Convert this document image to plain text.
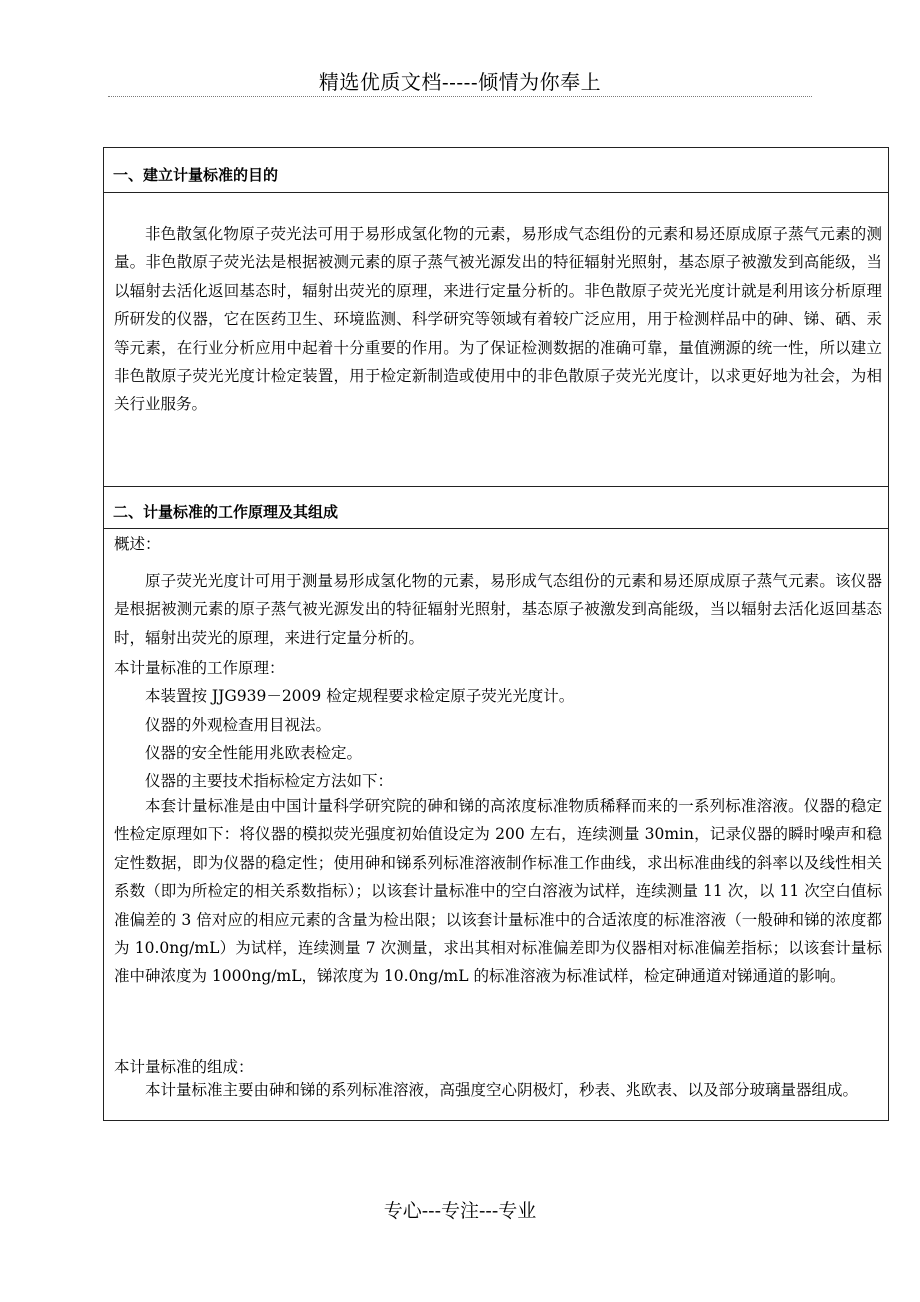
精选优质文档-----倾情为你奉上
一、建立计量标准的目的

非色散氢化物原子荧光法可用于易形成氢化物的元素，易形成气态组份的元素和易还原成原子蒸气元素的测量。非色散原子荧光法是根据被测元素的原子蒸气被光源发出的特征辐射光照射，基态原子被激发到高能级，当以辐射去活化返回基态时，辐射出荧光的原理，来进行定量分析的。非色散原子荧光光度计就是利用该分析原理所研发的仪器，它在医药卫生、环境监测、科学研究等领域有着较广泛应用，用于检测样品中的砷、锑、硒、汞等元素，在行业分析应用中起着十分重要的作用。为了保证检测数据的准确可靠，量值溯源的统一性，所以建立非色散原子荧光光度计检定装置，用于检定新制造或使用中的非色散原子荧光光度计，以求更好地为社会，为相关行业服务。

二、计量标准的工作原理及其组成

概述：

原子荧光光度计可用于测量易形成氢化物的元素，易形成气态组份的元素和易还原成原子蒸气元素。该仪器是根据被测元素的原子蒸气被光源发出的特征辐射光照射，基态原子被激发到高能级，当以辐射去活化返回基态时，辐射出荧光的原理，来进行定量分析的。

本计量标准的工作原理：

本装置按 JJG939－2009 检定规程要求检定原子荧光光度计。

仪器的外观检查用目视法。

仪器的安全性能用兆欧表检定。

仪器的主要技术指标检定方法如下：

本套计量标准是由中国计量科学研究院的砷和锑的高浓度标准物质稀释而来的一系列标准溶液。仪器的稳定性检定原理如下：将仪器的模拟荧光强度初始值设定为 200 左右，连续测量 30min，记录仪器的瞬时噪声和稳定性数据，即为仪器的稳定性；使用砷和锑系列标准溶液制作标准工作曲线，求出标准曲线的斜率以及线性相关系数（即为所检定的相关系数指标）；以该套计量标准中的空白溶液为试样，连续测量 11 次，以 11 次空白值标准偏差的 3 倍对应的相应元素的含量为检出限；以该套计量标准中的合适浓度的标准溶液（一般砷和锑的浓度都为 10.0ng/mL）为试样，连续测量 7 次测量，求出其相对标准偏差即为仪器相对标准偏差指标；以该套计量标准中砷浓度为 1000ng/mL，锑浓度为 10.0ng/mL 的标准溶液为标准试样，检定砷通道对锑通道的影响。

本计量标准的组成：

本计量标准主要由砷和锑的系列标准溶液，高强度空心阴极灯，秒表、兆欧表、以及部分玻璃量器组成。

专心---专注---专业
